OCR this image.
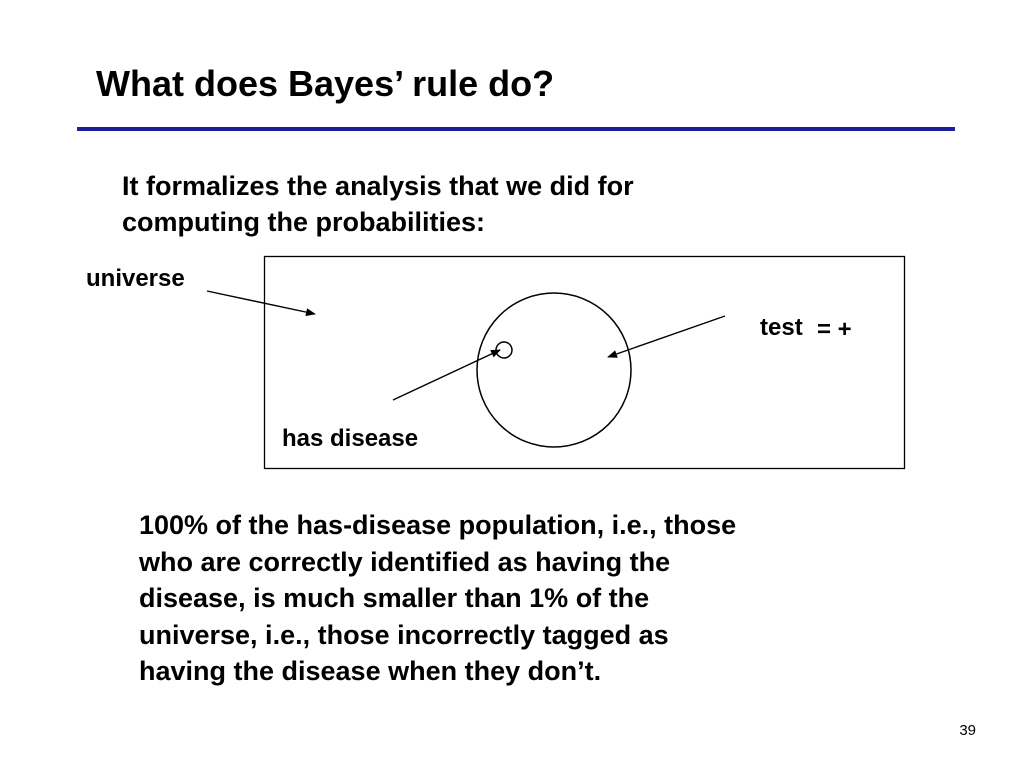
What does Bayes’ rule do?
It formalizes the analysis that we did for
computing the probabilities:
universe
test = +
has disease
100% of the has-disease population, i.e., those
who are correctly identified as having the
disease, is much smaller than 1% of the
universe, i.e., those incorrectly tagged as
having the disease when they don’t.
39
